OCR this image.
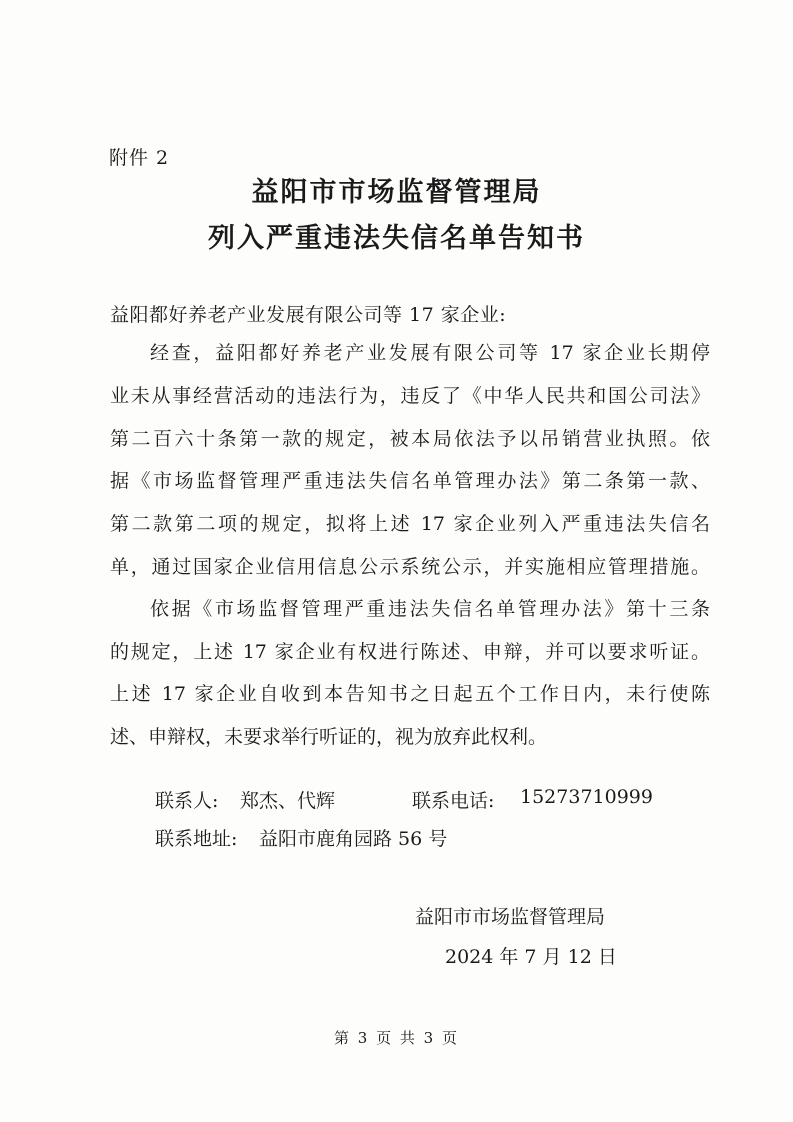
附件 2
益阳市市场监督管理局
列入严重违法失信名单告知书
益阳都好养老产业发展有限公司等 17 家企业:
经查，益阳都好养老产业发展有限公司等 17 家企业长期停
业未从事经营活动的违法行为，违反了《中华人民共和国公司法》
第二百六十条第一款的规定，被本局依法予以吊销营业执照。依
据《市场监督管理严重违法失信名单管理办法》第二条第一款、
第二款第二项的规定，拟将上述 17 家企业列入严重违法失信名
单，通过国家企业信用信息公示系统公示，并实施相应管理措施。
依据《市场监督管理严重违法失信名单管理办法》第十三条
的规定，上述 17 家企业有权进行陈述、申辩，并可以要求听证。
上述 17 家企业自收到本告知书之日起五个工作日内，未行使陈
述、申辩权，未要求举行听证的，视为放弃此权利。
联系人: 郑杰、代辉	联系电话: 15273710999
联系地址: 益阳市鹿角园路 56 号
益阳市市场监督管理局
2024 年 7 月 12 日
第 3 页 共 3 页
